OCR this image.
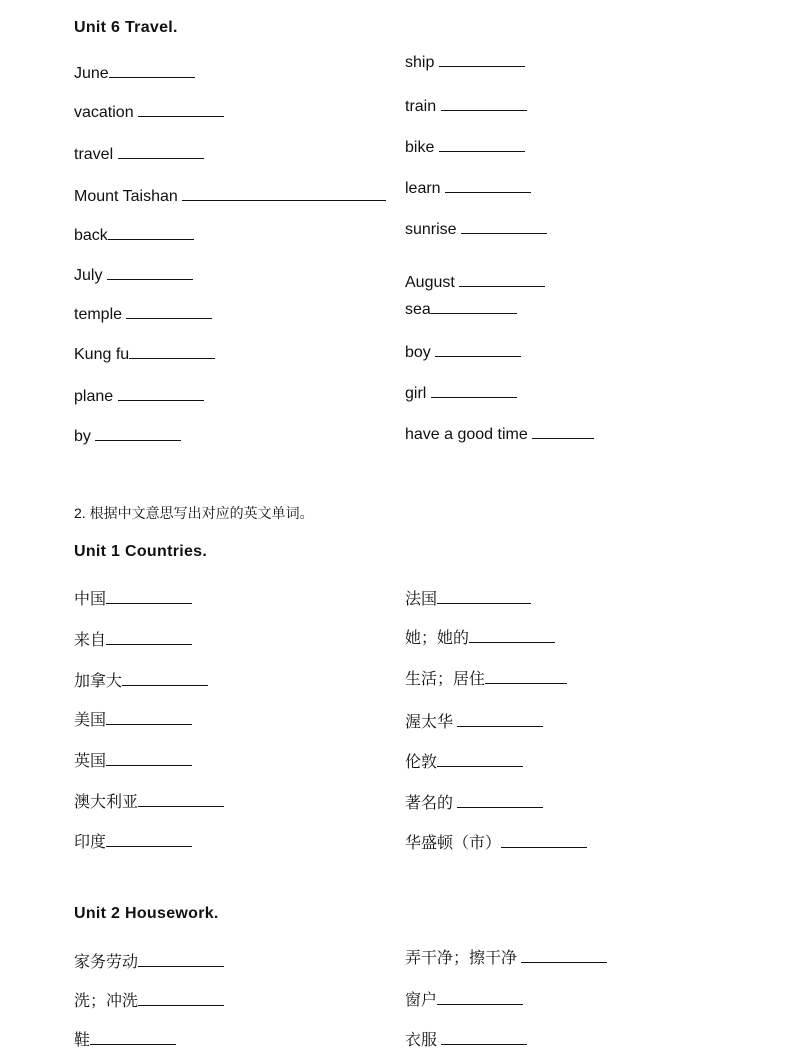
Unit 6 Travel.
June
vacation
travel
Mount Taishan
back
July
temple
Kung fu
plane
by
ship
train
bike
learn
sunrise
August
sea
boy
girl
have a good time
2. 根据中文意思写出对应的英文单词。
Unit 1 Countries.
中国
来自
加拿大
美国
英国
澳大利亚
印度
法国
她；她的
生活；居住
渥太华
伦敦
著名的
华盛顿（市）
Unit 2 Housework.
家务劳动
洗；冲洗
鞋
弄干净；擦干净
窗户
衣服
